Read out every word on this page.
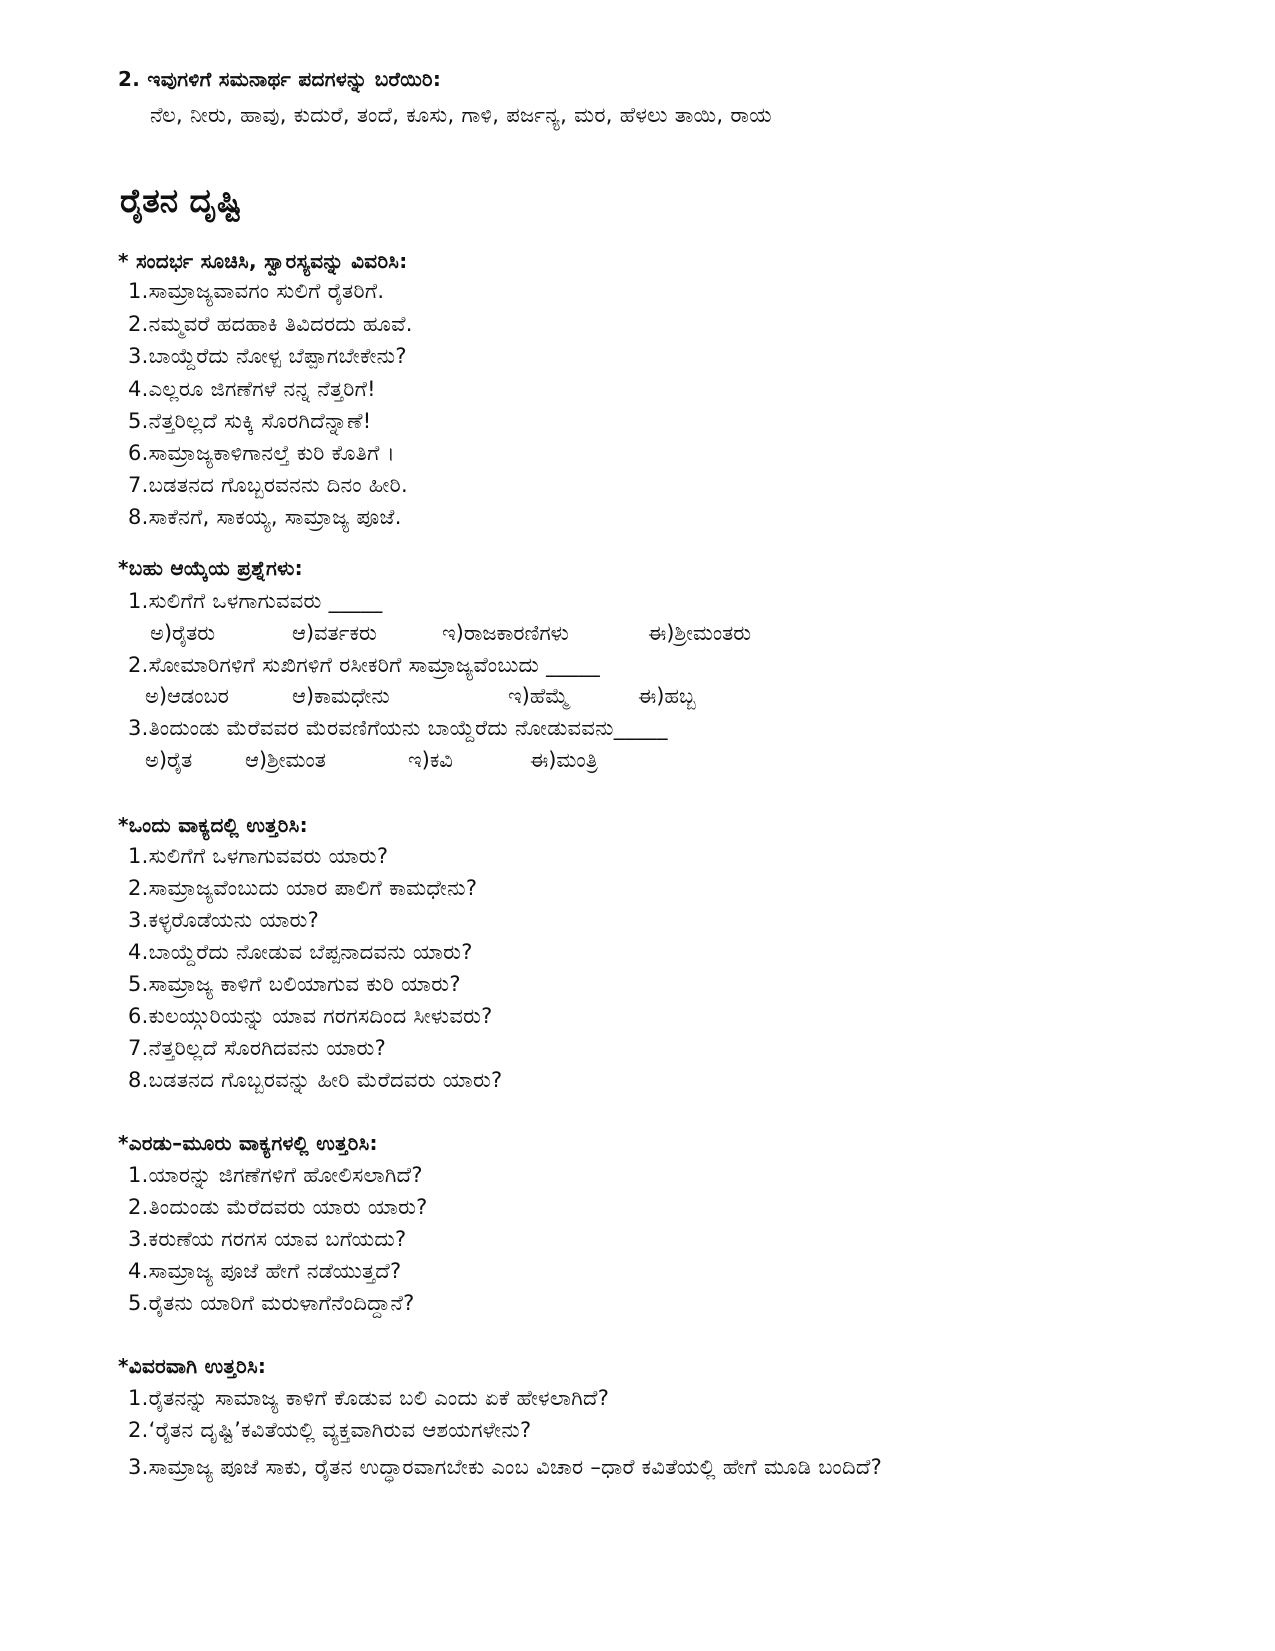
2. ಇವುಗಳಿಗೆ ಸಮನಾರ್ಥ ಪದಗಳನ್ನು ಬರೆಯಿರಿ:
ನೆಲ, ನೀರು, ಹಾವು, ಕುದುರೆ, ತಂದೆ, ಕೂಸು, ಗಾಳಿ, ಪರ್ಜನ್ಯ, ಮರ, ಹೆಳಲು ತಾಯಿ, ರಾಯ
ರೈತನ ದೃಷ್ಟಿ
* ಸಂದರ್ಭ ಸೂಚಿಸಿ, ಸ್ವಾರಸ್ಯವನ್ನು ವಿವರಿಸಿ:
1.ಸಾಮ್ರಾಜ್ಯವಾವಗಂ ಸುಲಿಗೆ ರೈತರಿಗೆ.
2.ನಮ್ಮವರೆ ಹದಹಾಕಿ ತಿವಿದರದು ಹೂವೆ.
3.ಬಾಯ್ದೆರೆದು ನೋಳ್ಪ ಬೆಪ್ಪಾಗಬೇಕೇನು?
4.ಎಲ್ಲರೂ ಜಿಗಣೆಗಳೆ ನನ್ನ ನೆತ್ತರಿಗೆ!
5.ನೆತ್ತರಿಲ್ಲದೆ ಸುಕ್ಕಿ ಸೊರಗಿದೆನ್ನಾಣೆ!
6.ಸಾಮ್ರಾಜ್ಯಕಾಳಿಗಾನಲ್ತೆ ಕುರಿ ಕೊತಿಗೆ ।
7.ಬಡತನದ ಗೊಬ್ಬರವನನು ದಿನಂ ಹೀರಿ.
8.ಸಾಕೆನಗೆ, ಸಾಕಯ್ಯ, ಸಾಮ್ರಾಜ್ಯ ಪೂಜೆ.
*ಬಹು ಆಯ್ಕೆಯ ಪ್ರಶ್ನೆಗಳು:
1.ಸುಲಿಗೆಗೆ ಒಳಗಾಗುವವರು _____
ಅ)ರೈತರು	ಆ)ವರ್ತಕರು	ಇ)ರಾಜಕಾರಣಿಗಳು	ಈ)ಶ್ರೀಮಂತರು
2.ಸೋಮಾರಿಗಳಿಗೆ ಸುಖಿಗಳಿಗೆ ರಸೀಕರಿಗೆ ಸಾಮ್ರಾಜ್ಯವೆಂಬುದು _____
ಅ)ಆಡಂಬರ	ಆ)ಕಾಮಧೇನು	ಇ)ಹೆಮ್ಮೆ	ಈ)ಹಬ್ಬ
3.ತಿಂದುಂಡು ಮೆರೆವವರ ಮೆರವಣಿಗೆಯನು ಬಾಯ್ದೆರೆದು ನೋಡುವವನು_____
ಅ)ರೈತ	ಆ)ಶ್ರೀಮಂತ	ಇ)ಕವಿ	ಈ)ಮಂತ್ರಿ
*ಒಂದು ವಾಕ್ಯದಲ್ಲಿ ಉತ್ತರಿಸಿ:
1.ಸುಲಿಗೆಗೆ ಒಳಗಾಗುವವರು ಯಾರು?
2.ಸಾಮ್ರಾಜ್ಯವೆಂಬುದು ಯಾರ ಪಾಲಿಗೆ ಕಾಮಧೇನು?
3.ಕಳ್ಳರೊಡೆಯನು ಯಾರು?
4.ಬಾಯ್ದೆರೆದು ನೋಡುವ ಬೆಪ್ಪನಾದವನು ಯಾರು?
5.ಸಾಮ್ರಾಜ್ಯ ಕಾಳಿಗೆ ಬಲಿಯಾಗುವ ಕುರಿ ಯಾರು?
6.ಕುಲಯ್ಗುರಿಯನ್ನು ಯಾವ ಗರಗಸದಿಂದ ಸೀಳುವರು?
7.ನೆತ್ತರಿಲ್ಲದೆ ಸೊರಗಿದವನು ಯಾರು?
8.ಬಡತನದ ಗೊಬ್ಬರವನ್ನು ಹೀರಿ ಮೆರೆದವರು ಯಾರು?
*ಎರಡು–ಮೂರು ವಾಕ್ಯಗಳಲ್ಲಿ ಉತ್ತರಿಸಿ:
1.ಯಾರನ್ನು ಜಿಗಣೆಗಳಿಗೆ ಹೋಲಿಸಲಾಗಿದೆ?
2.ತಿಂದುಂಡು ಮೆರೆದವರು ಯಾರು ಯಾರು?
3.ಕರುಣೆಯ ಗರಗಸ ಯಾವ ಬಗೆಯದು?
4.ಸಾಮ್ರಾಜ್ಯ ಪೂಜೆ ಹೇಗೆ ನಡೆಯುತ್ತದೆ?
5.ರೈತನು ಯಾರಿಗೆ ಮರುಳಾಗೆನೆಂದಿದ್ದಾನೆ?
*ವಿವರವಾಗಿ ಉತ್ತರಿಸಿ:
1.ರೈತನನ್ನು ಸಾಮಾಜ್ಯ ಕಾಳಿಗೆ ಕೊಡುವ ಬಲಿ ಎಂದು ಏಕೆ ಹೇಳಲಾಗಿದೆ?
2.‘ರೈತನ ದೃಷ್ಟಿ’ಕವಿತೆಯಲ್ಲಿ ವ್ಯಕ್ತವಾಗಿರುವ ಆಶಯಗಳೇನು?
3.ಸಾಮ್ರಾಜ್ಯ ಪೂಜೆ ಸಾಕು, ರೈತನ ಉದ್ಧಾರವಾಗಬೇಕು ಎಂಬ ವಿಚಾರ –ಧಾರೆ ಕವಿತೆಯಲ್ಲಿ ಹೇಗೆ ಮೂಡಿ ಬಂದಿದೆ?
